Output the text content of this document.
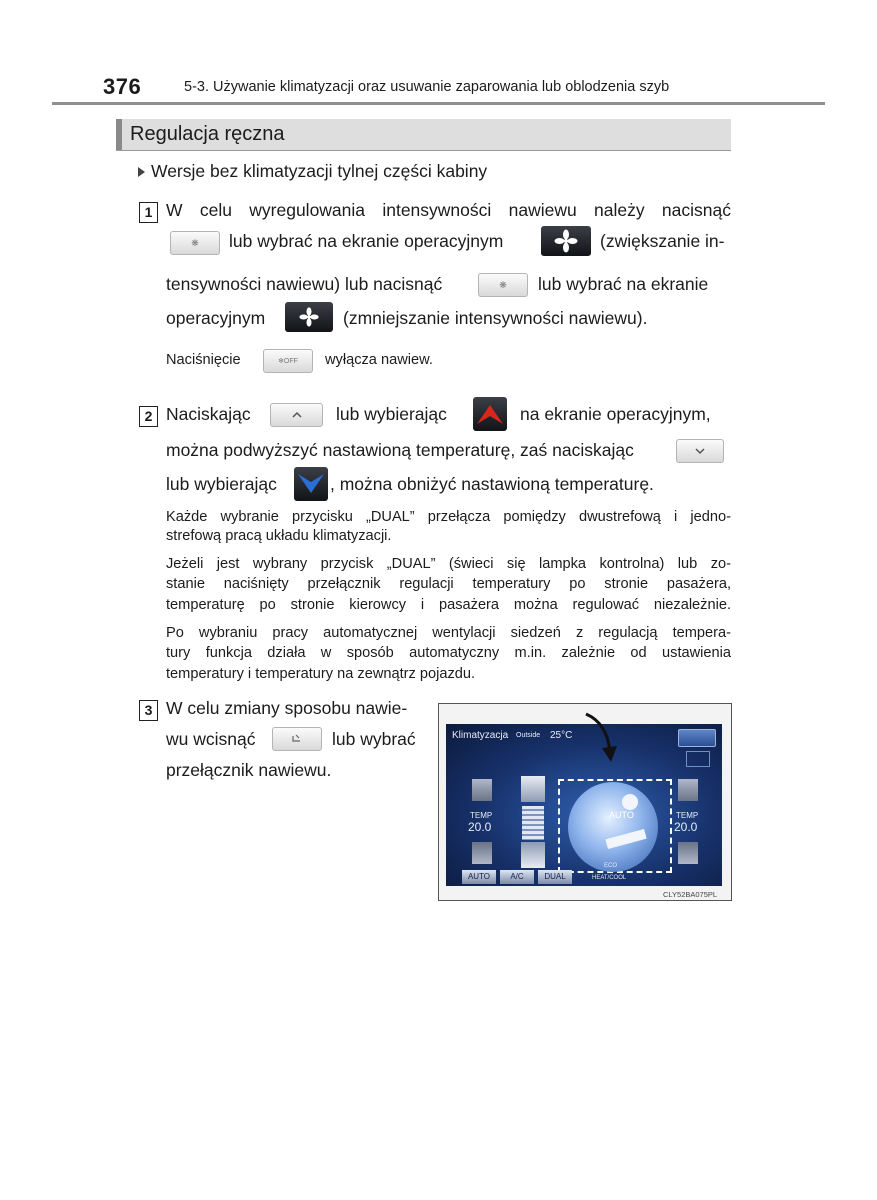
376	5-3. Używanie klimatyzacji oraz usuwanie zaparowania lub oblodzenia szyb
Regulacja ręczna
Wersje bez klimatyzacji tylnej części kabiny
1 W celu wyregulowania intensywności nawiewu należy nacisnąć
❋ lub wybrać na ekranie operacyjnym	(zwiększanie in-
tensywności nawiewu) lub nacisnąć	❋ lub wybrać na ekranie
operacyjnym	(zmniejszanie intensywności nawiewu).
Naciśnięcie	❄OFF wyłącza nawiew.
2 Naciskając	lub wybierając	na ekranie operacyjnym,
można podwyższyć nastawioną temperaturę, zaś naciskając
lub wybierając	, można obniżyć nastawioną temperaturę.
Każde wybranie przycisku „DUAL” przełącza pomiędzy dwustrefową i jedno-
strefową pracą układu klimatyzacji.
Jeżeli jest wybrany przycisk „DUAL” (świeci się lampka kontrolna) lub zo-
stanie naciśnięty przełącznik regulacji temperatury po stronie pasażera,
temperaturę po stronie kierowcy i pasażera można regulować niezależnie.
Po wybraniu pracy automatycznej wentylacji siedzeń z regulacją tempera-
tury funkcja działa w sposób automatyczny m.in. zależnie od ustawienia
temperatury i temperatury na zewnątrz pojazdu.
3 W celu zmiany sposobu nawie-
wu wcisnąć	lub wybrać
przełącznik nawiewu.
Klimatyzacja Outside 25°C
TEMP
20.0
AUTO	TEMP
20.0
AUTO	A/C	DUAL
ECO
HEAT/COOL
CLY52BA075PL
